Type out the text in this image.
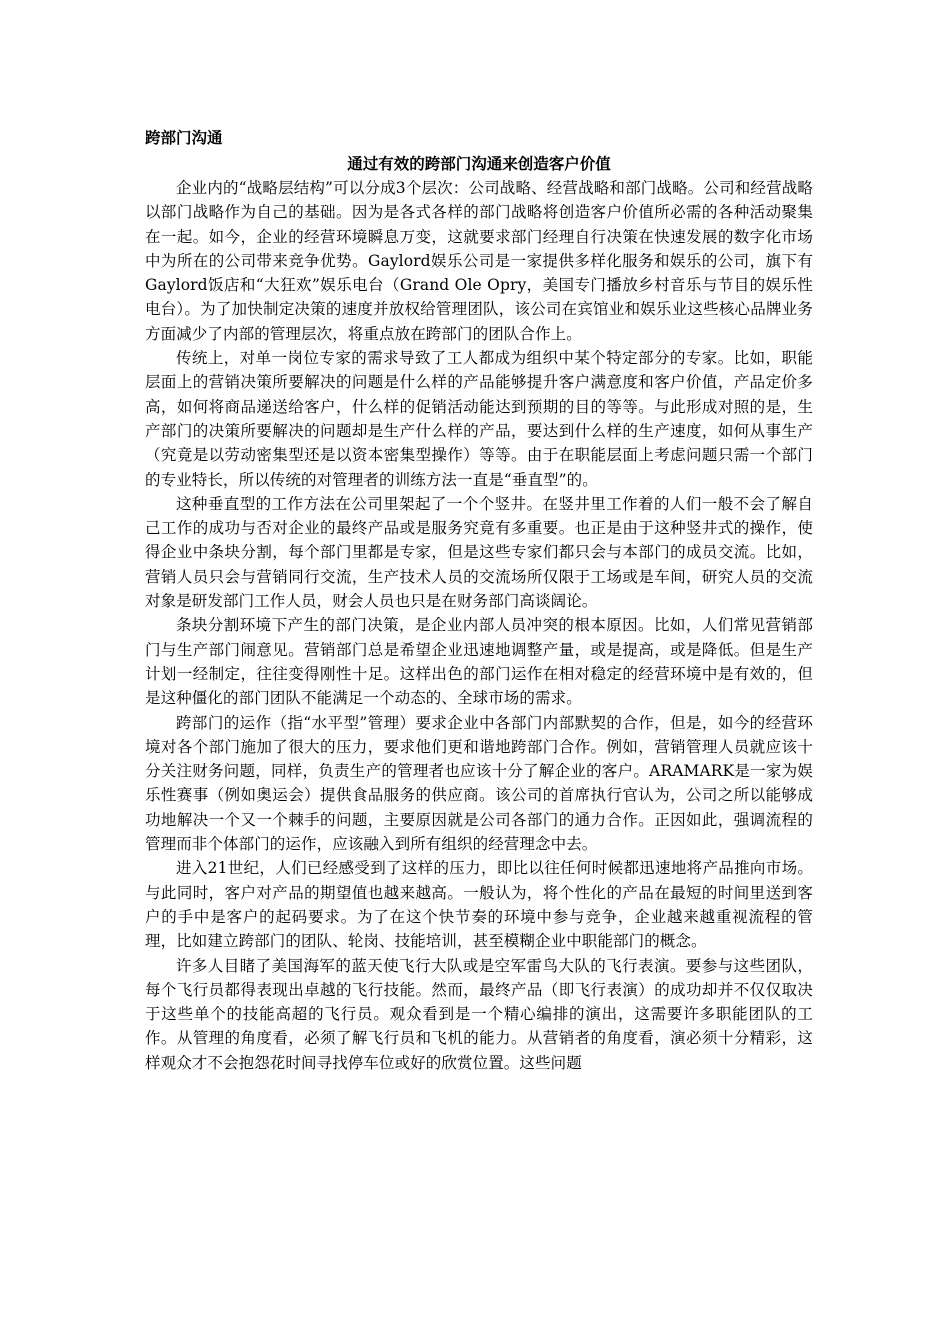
跨部门沟通

通过有效的跨部门沟通来创造客户价值

企业内的“战略层结构”可以分成3个层次：公司战略、经营战略和部门战略。公司和经营战略以部门战略作为自己的基础。因为是各式各样的部门战略将创造客户价值所必需的各种活动聚集在一起。如今，企业的经营环境瞬息万变，这就要求部门经理自行决策在快速发展的数字化市场中为所在的公司带来竞争优势。Gaylord娱乐公司是一家提供多样化服务和娱乐的公司，旗下有Gaylord饭店和“大狂欢”娱乐电台（Grand Ole Opry，美国专门播放乡村音乐与节目的娱乐性电台）。为了加快制定决策的速度并放权给管理团队，该公司在宾馆业和娱乐业这些核心品牌业务方面减少了内部的管理层次，将重点放在跨部门的团队合作上。

传统上，对单一岗位专家的需求导致了工人都成为组织中某个特定部分的专家。比如，职能层面上的营销决策所要解决的问题是什么样的产品能够提升客户满意度和客户价值，产品定价多高，如何将商品递送给客户，什么样的促销活动能达到预期的目的等等。与此形成对照的是，生产部门的决策所要解决的问题却是生产什么样的产品，要达到什么样的生产速度，如何从事生产（究竟是以劳动密集型还是以资本密集型操作）等等。由于在职能层面上考虑问题只需一个部门的专业特长，所以传统的对管理者的训练方法一直是“垂直型”的。

这种垂直型的工作方法在公司里架起了一个个竖井。在竖井里工作着的人们一般不会了解自己工作的成功与否对企业的最终产品或是服务究竟有多重要。也正是由于这种竖井式的操作，使得企业中条块分割，每个部门里都是专家，但是这些专家们都只会与本部门的成员交流。比如，营销人员只会与营销同行交流，生产技术人员的交流场所仅限于工场或是车间，研究人员的交流对象是研发部门工作人员，财会人员也只是在财务部门高谈阔论。

条块分割环境下产生的部门决策，是企业内部人员冲突的根本原因。比如，人们常见营销部门与生产部门闹意见。营销部门总是希望企业迅速地调整产量，或是提高，或是降低。但是生产计划一经制定，往往变得刚性十足。这样出色的部门运作在相对稳定的经营环境中是有效的，但是这种僵化的部门团队不能满足一个动态的、全球市场的需求。

跨部门的运作（指“水平型”管理）要求企业中各部门内部默契的合作，但是，如今的经营环境对各个部门施加了很大的压力，要求他们更和谐地跨部门合作。例如，营销管理人员就应该十分关注财务问题，同样，负责生产的管理者也应该十分了解企业的客户。ARAMARK是一家为娱乐性赛事（例如奥运会）提供食品服务的供应商。该公司的首席执行官认为，公司之所以能够成功地解决一个又一个棘手的问题，主要原因就是公司各部门的通力合作。正因如此，强调流程的管理而非个体部门的运作，应该融入到所有组织的经营理念中去。

进入21世纪，人们已经感受到了这样的压力，即比以往任何时候都迅速地将产品推向市场。与此同时，客户对产品的期望值也越来越高。一般认为，将个性化的产品在最短的时间里送到客户的手中是客户的起码要求。为了在这个快节奏的环境中参与竞争，企业越来越重视流程的管理，比如建立跨部门的团队、轮岗、技能培训，甚至模糊企业中职能部门的概念。

许多人目睹了美国海军的蓝天使飞行大队或是空军雷鸟大队的飞行表演。要参与这些团队，每个飞行员都得表现出卓越的飞行技能。然而，最终产品（即飞行表演）的成功却并不仅仅取决于这些单个的技能高超的飞行员。观众看到是一个精心编排的演出，这需要许多职能团队的工作。从管理的角度看，必须了解飞行员和飞机的能力。从营销者的角度看，演必须十分精彩，这样观众才不会抱怨花时间寻找停车位或好的欣赏位置。这些问题
